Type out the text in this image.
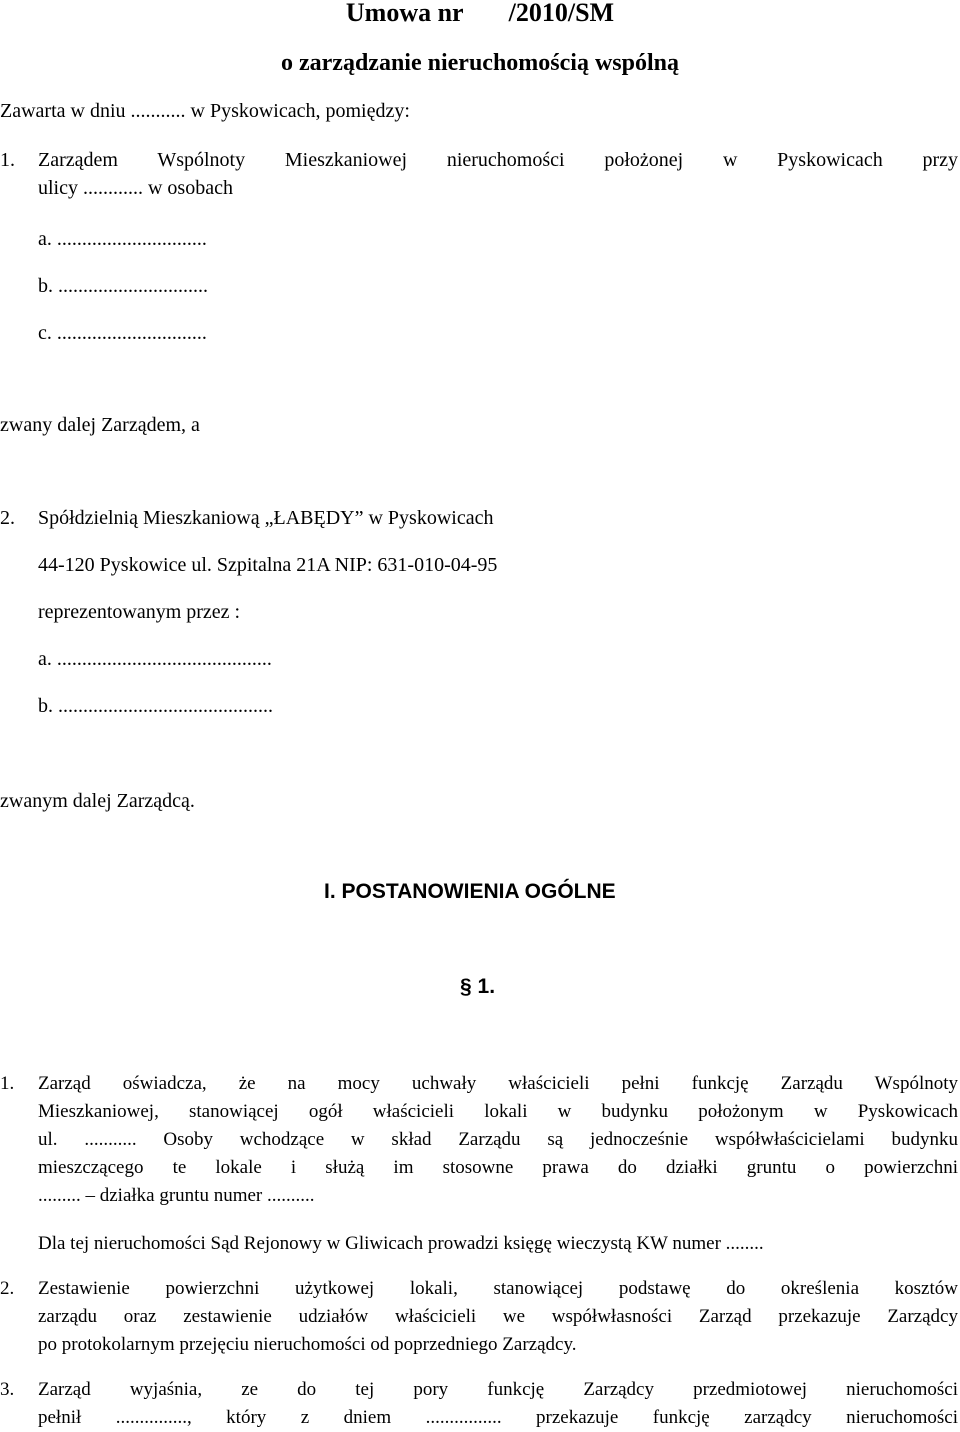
Umowa nr       /2010/SM
o zarządzanie nieruchomością wspólną
Zawarta w dniu ........... w Pyskowicach, pomiędzy:
1. Zarządem Wspólnoty Mieszkaniowej nieruchomości położonej w Pyskowicach przy
ulicy ............ w osobach
a. ..............................
b. ..............................
c. ..............................
zwany dalej Zarządem, a
2. Spółdzielnią Mieszkaniową „ŁABĘDY” w Pyskowicach
44-120 Pyskowice ul. Szpitalna 21A NIP: 631-010-04-95
reprezentowanym przez :
a. ...........................................
b. ...........................................
zwanym dalej Zarządcą.
I. POSTANOWIENIA OGÓLNE
§ 1.
1. Zarząd oświadcza, że na mocy uchwały właścicieli pełni funkcję Zarządu Wspólnoty
Mieszkaniowej, stanowiącej ogół właścicieli lokali w budynku położonym w Pyskowicach
ul. ........... Osoby wchodzące w skład Zarządu są jednocześnie współwłaścicielami budynku
mieszczącego te lokale i służą im stosowne prawa do działki gruntu o powierzchni
......... – działka gruntu numer ..........
Dla tej nieruchomości Sąd Rejonowy w Gliwicach prowadzi księgę wieczystą KW numer ........
2. Zestawienie powierzchni użytkowej lokali, stanowiącej podstawę do określenia kosztów
zarządu oraz zestawienie udziałów właścicieli we współwłasności Zarząd przekazuje Zarządcy
po protokolarnym przejęciu nieruchomości od poprzedniego Zarządcy.
3. Zarząd wyjaśnia, ze do tej pory funkcję Zarządcy przedmiotowej nieruchomości
pełnił ..............., który z dniem ................ przekazuje funkcję zarządcy nieruchomości
